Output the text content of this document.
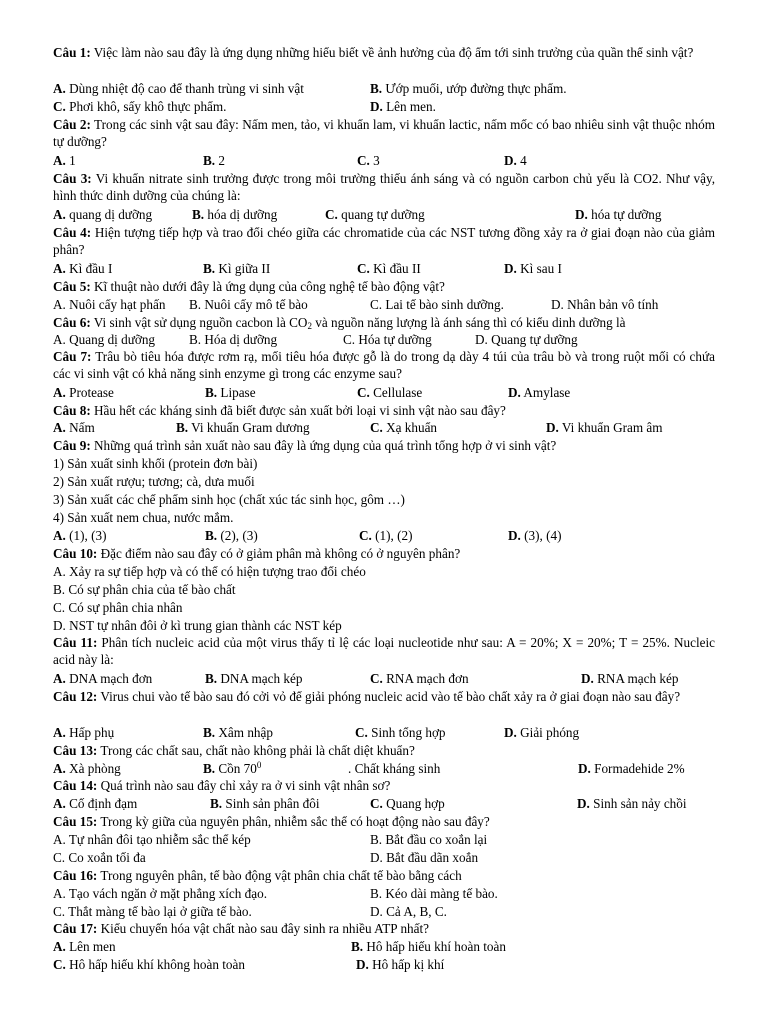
Câu 1: Việc làm nào sau đây là ứng dụng những hiểu biết về ảnh hưởng của độ ẩm tới sinh trưởng của quần thể sinh vật?
A. Dùng nhiệt độ cao để thanh trùng vi sinh vật	B. Ướp muối, ướp đường thực phẩm.
C. Phơi khô, sấy khô thực phẩm.	D. Lên men.
Câu 2: Trong các sinh vật sau đây: Nấm men, tảo, vi khuẩn lam, vi khuẩn lactic, nấm mốc có bao nhiêu sinh vật thuộc nhóm tự dưỡng?
A. 1	B. 2	C. 3	D. 4
Câu 3: Vi khuẩn nitrate sinh trưởng được trong môi trường thiếu ánh sáng và có nguồn carbon chủ yếu là CO2. Như vậy, hình thức dinh dưỡng của chúng là:
A. quang dị dưỡng	B. hóa dị dưỡng	C. quang tự dưỡng	D. hóa tự dưỡng
Câu 4: Hiện tượng tiếp hợp và trao đổi chéo giữa các chromatide của các NST tương đồng xảy ra ở giai đoạn nào của giảm phân?
A. Kì đầu I	B. Kì giữa II	C. Kì đầu II	D. Kì sau I
Câu 5: Kĩ thuật nào dưới đây là ứng dụng của công nghệ tế bào động vật?
A. Nuôi cấy hạt phấn B. Nuôi cấy mô tế bào	C. Lai tế bào sinh dưỡng.	D. Nhân bản vô tính
Câu 6: Vi sinh vật sử dụng nguồn cacbon là $CO_2$ và nguồn năng lượng là ánh sáng thì có kiểu dinh dưỡng là
A. Quang dị dưỡng	B. Hóa dị dưỡng	C. Hóa tự dưỡng	D. Quang tự dưỡng
Câu 7: Trâu bò tiêu hóa được rơm rạ, mối tiêu hóa được gỗ là do trong dạ dày 4 túi của trâu bò và trong ruột mối có chứa các vi sinh vật có khả năng sinh enzyme gì trong các enzyme sau?
A. Protease	B. Lipase	C. Cellulase	D. Amylase
Câu 8: Hầu hết các kháng sinh đã biết được sản xuất bởi loại vi sinh vật nào sau đây?
A. Nấm	B. Vi khuẩn Gram dương	C. Xạ khuẩn	D. Vi khuẩn Gram âm
Câu 9: Những quá trình sản xuất nào sau đây là ứng dụng của quá trình tổng hợp ở vi sinh vật?
1) Sản xuất sinh khối (protein đơn bài)
2) Sản xuất rượu; tương; cà, dưa muối
3) Sản xuất các chế phẩm sinh học (chất xúc tác sinh học, gôm …)
4) Sản xuất nem chua, nước mắm.
A. (1), (3)	B. (2), (3)	C. (1), (2)	D. (3), (4)
Câu 10: Đặc điểm nào sau đây có ở giảm phân mà không có ở nguyên phân?
A. Xảy ra sự tiếp hợp và có thể có hiện tượng trao đổi chéo
B. Có sự phân chia của tế bào chất
C. Có sự phân chia nhân
D. NST tự nhân đôi ở kì trung gian thành các NST kép
Câu 11: Phân tích nucleic acid của một virus thấy tỉ lệ các loại nucleotide như sau: A = 20%; X = 20%; T = 25%. Nucleic acid này là:
A. DNA mạch đơn	B. DNA mạch kép	C. RNA mạch đơn	D. RNA mạch kép
Câu 12: Virus chui vào tế bào sau đó cởi vỏ để giải phóng nucleic acid vào tế bào chất xảy ra ở giai đoạn nào sau đây?
A. Hấp phụ	B. Xâm nhập	C. Sinh tổng hợp	D. Giải phóng
Câu 13: Trong các chất sau, chất nào không phải là chất diệt khuẩn?
A. Xà phòng	B. Cồn $70^0$	. Chất kháng sinh	D. Formadehide 2%
Câu 14: Quá trình nào sau đây chỉ xảy ra ở vi sinh vật nhân sơ?
A. Cố định đạm	B. Sinh sản phân đôi	C. Quang hợp	D. Sinh sản nảy chồi
Câu 15: Trong kỳ giữa của nguyên phân, nhiễm sắc thể có hoạt động nào sau đây?
A. Tự nhân đôi tạo nhiễm sắc thể kép	B. Bắt đầu co xoắn lại
C. Co xoắn tối đa	D. Bắt đầu dãn xoắn
Câu 16: Trong nguyên phân, tế bào động vật phân chia chất tế bào bằng cách
A. Tạo vách ngăn ở mặt phẳng xích đạo.	B. Kéo dài màng tế bào.
C. Thắt màng tế bào lại ở giữa tế bào.	D. Cả A, B, C.
Câu 17: Kiểu chuyển hóa vật chất nào sau đây sinh ra nhiều ATP nhất?
A. Lên men	B. Hô hấp hiếu khí hoàn toàn
C. Hô hấp hiếu khí không hoàn toàn	D. Hô hấp kị khí
